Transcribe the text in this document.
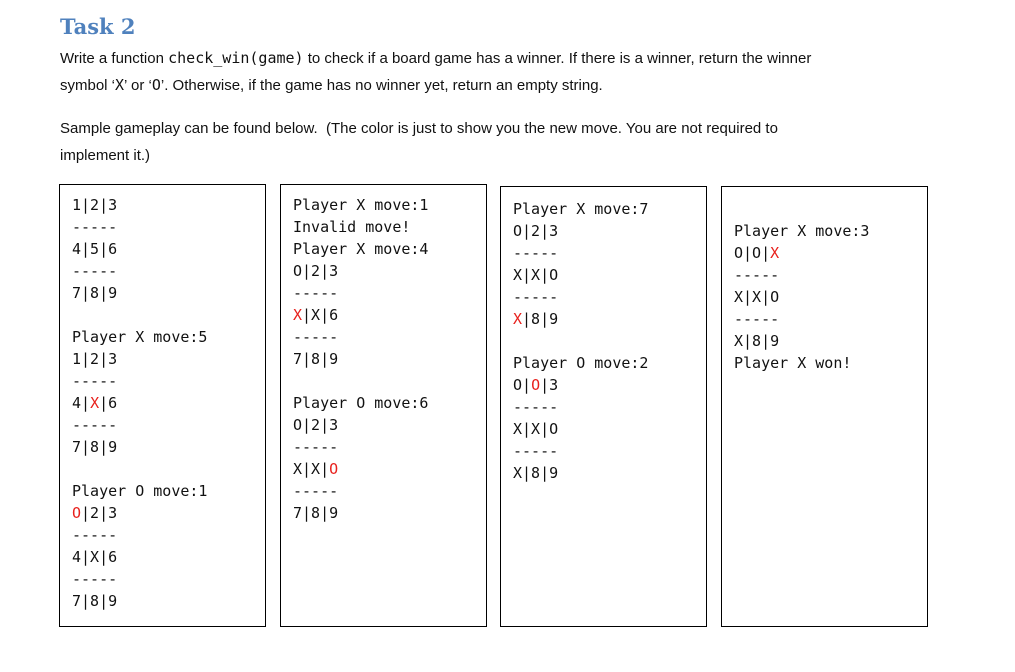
Task 2
Write a function check_win(game) to check if a board game has a winner. If there is a winner, return the winner
symbol ‘X’ or ‘O’. Otherwise, if the game has no winner yet, return an empty string.
Sample gameplay can be found below.  (The color is just to show you the new move. You are not required to
implement it.)
1|2|3
-----
4|5|6
-----
7|8|9
Player X move:5
1|2|3
-----
4|X|6
-----
7|8|9
Player O move:1
O|2|3
-----
4|X|6
-----
7|8|9
Player X move:1
Invalid move!
Player X move:4
O|2|3
-----
X|X|6
-----
7|8|9
Player O move:6
O|2|3
-----
X|X|O
-----
7|8|9
Player X move:7
O|2|3
-----
X|X|O
-----
X|8|9
Player O move:2
O|O|3
-----
X|X|O
-----
X|8|9
Player X move:3
O|O|X
-----
X|X|O
-----
X|8|9
Player X won!
